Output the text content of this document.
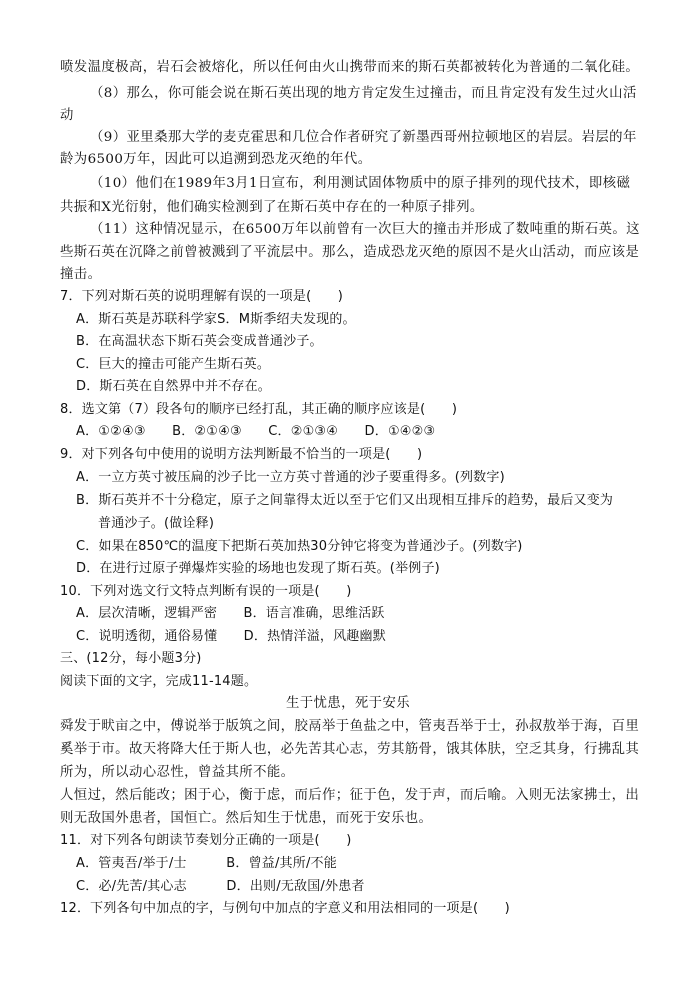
喷发温度极高，岩石会被熔化，所以任何由火山携带而来的斯石英都被转化为普通的二氧化硅。
（8）那么，你可能会说在斯石英出现的地方肯定发生过撞击，而且肯定没有发生过火山活
动
（9）亚里桑那大学的麦克霍思和几位合作者研究了新墨西哥州拉顿地区的岩层。岩层的年
龄为6500万年，因此可以追溯到恐龙灭绝的年代。
（10）他们在1989年3月1日宣布，利用测试固体物质中的原子排列的现代技术，即核磁
共振和X光衍射，他们确实检测到了在斯石英中存在的一种原子排列。
（11）这种情况显示，在6500万年以前曾有一次巨大的撞击并形成了数吨重的斯石英。这
些斯石英在沉降之前曾被溅到了平流层中。那么，造成恐龙灭绝的原因不是火山活动，而应该是
撞击。
7．下列对斯石英的说明理解有误的一项是(　　)
A．斯石英是苏联科学家S．M斯季绍夫发现的。
B．在高温状态下斯石英会变成普通沙子。
C．巨大的撞击可能产生斯石英。
D．斯石英在自然界中并不存在。
8．选文第（7）段各句的顺序已经打乱，其正确的顺序应该是(　　)
A．①②④③　　B．②①④③　　C．②①③④　　D．①④②③
9．对下列各句中使用的说明方法判断最不恰当的一项是(　　)
A．一立方英寸被压扁的沙子比一立方英寸普通的沙子要重得多。(列数字)
B．斯石英并不十分稳定，原子之间靠得太近以至于它们又出现相互排斥的趋势，最后又变为
普通沙子。(做诠释)
C．如果在850℃的温度下把斯石英加热30分钟它将变为普通沙子。(列数字)
D．在进行过原子弹爆炸实验的场地也发现了斯石英。(举例子)
10．下列对选文行文特点判断有误的一项是(　　)
A．层次清晰，逻辑严密　　B．语言准确，思维活跃
C．说明透彻，通俗易懂　　D．热情洋溢，风趣幽默
三、(12分，每小题3分)
阅读下面的文字，完成11-14题。
生于忧患，死于安乐
舜发于畎亩之中，傅说举于版筑之间，胶鬲举于鱼盐之中，管夷吾举于士，孙叔敖举于海，百里
奚举于市。故天将降大任于斯人也，必先苦其心志，劳其筋骨，饿其体肤，空乏其身，行拂乱其
所为，所以动心忍性，曾益其所不能。
人恒过，然后能改；困于心，衡于虑，而后作；征于色，发于声，而后喻。入则无法家拂士，出
则无敌国外患者，国恒亡。然后知生于忧患，而死于安乐也。
11．对下列各句朗读节奏划分正确的一项是(　　)
A．管夷吾/举于/士　　　B．曾益/其所/不能
C．必/先苦/其心志　　　D．出则/无敌国/外患者
12．下列各句中加点的字，与例句中加点的字意义和用法相同的一项是(　　)
